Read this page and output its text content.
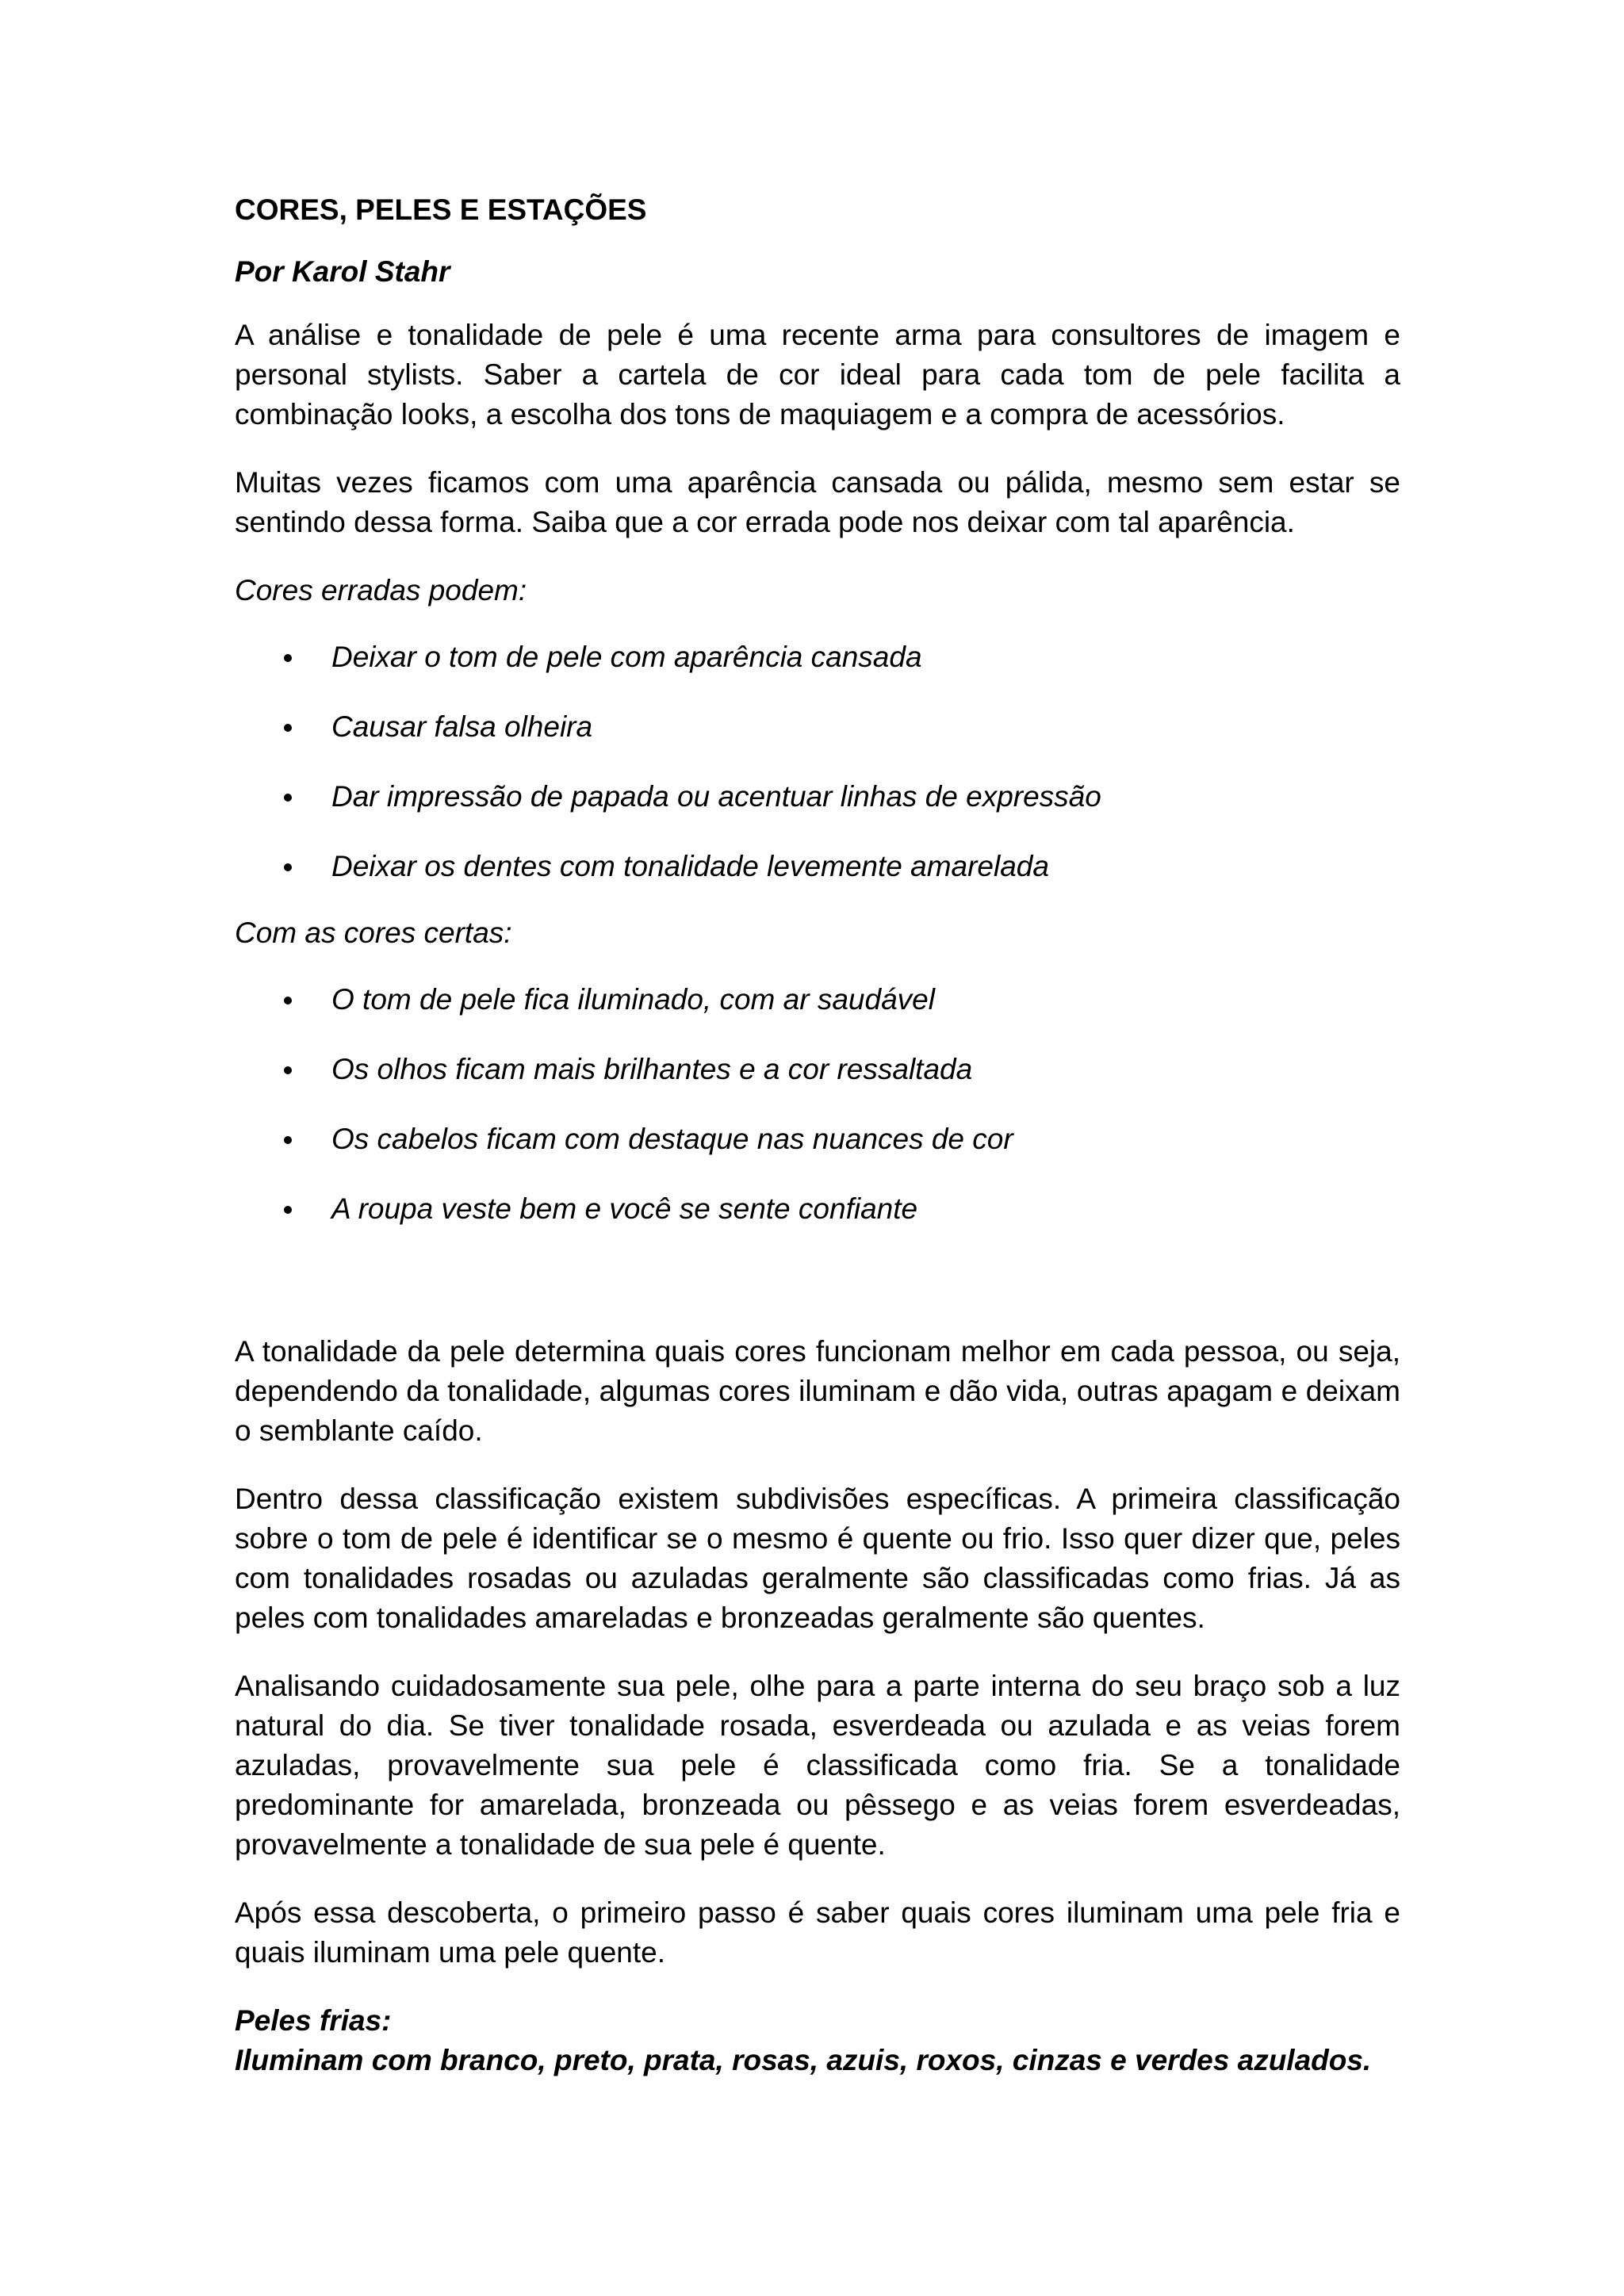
CORES, PELES E ESTAÇÕES
Por Karol Stahr
A análise e tonalidade de pele é uma recente arma para consultores de imagem e personal stylists. Saber a cartela de cor ideal para cada tom de pele facilita a combinação looks, a escolha dos tons de maquiagem e a compra de acessórios.
Muitas vezes ficamos com uma aparência cansada ou pálida, mesmo sem estar se sentindo dessa forma. Saiba que a cor errada pode nos deixar com tal aparência.
Cores erradas podem:
Deixar o tom de pele com aparência cansada
Causar falsa olheira
Dar impressão de papada ou acentuar linhas de expressão
Deixar os dentes com tonalidade levemente amarelada
Com as cores certas:
O tom de pele fica iluminado, com ar saudável
Os olhos ficam mais brilhantes e a cor ressaltada
Os cabelos ficam com destaque nas nuances de cor
A roupa veste bem e você se sente confiante
A tonalidade da pele determina quais cores funcionam melhor em cada pessoa, ou seja, dependendo da tonalidade, algumas cores iluminam e dão vida, outras apagam e deixam o semblante caído.
Dentro dessa classificação existem subdivisões específicas. A primeira classificação sobre o tom de pele é identificar se o mesmo é quente ou frio. Isso quer dizer que, peles com tonalidades rosadas ou azuladas geralmente são classificadas como frias. Já as peles com tonalidades amareladas e bronzeadas geralmente são quentes.
Analisando cuidadosamente sua pele, olhe para a parte interna do seu braço sob a luz natural do dia. Se tiver tonalidade rosada, esverdeada ou azulada e as veias forem azuladas, provavelmente sua pele é classificada como fria. Se a tonalidade predominante for amarelada, bronzeada ou pêssego e as veias forem esverdeadas, provavelmente a tonalidade de sua pele é quente.
Após essa descoberta, o primeiro passo é saber quais cores iluminam uma pele fria e quais iluminam uma pele quente.
Peles frias:
Iluminam com branco, preto, prata, rosas, azuis, roxos, cinzas e verdes azulados.
